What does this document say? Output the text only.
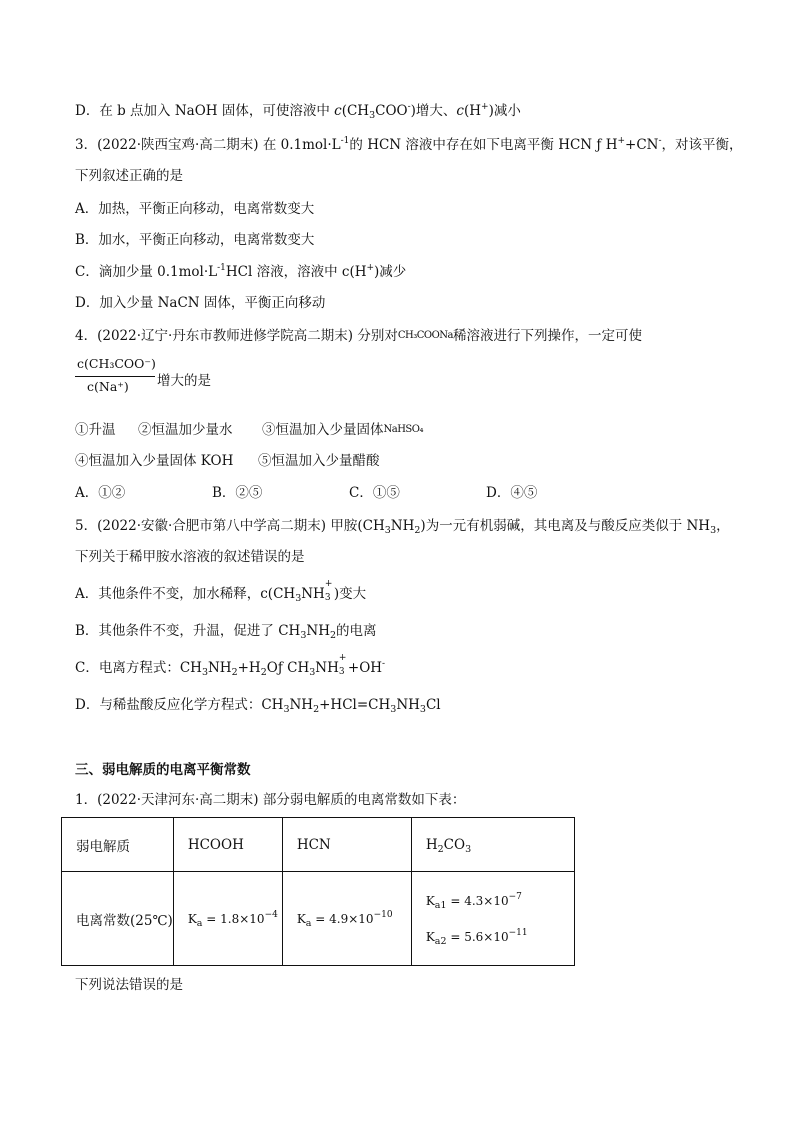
D．在 b 点加入 NaOH 固体，可使溶液中 $c(CH_3COO^-)$增大、c(H+)减小
3．(2022·陕西宝鸡·高二期末) 在 $0.1mol\cdot L^{-1}$的 HCN 溶液中存在如下电离平衡 HCN ƒ H++CN-，对该平衡，
下列叙述正确的是
A．加热，平衡正向移动，电离常数变大
B．加水，平衡正向移动，电离常数变大
C．滴加少量 $0.1mol\cdot L^{-1}HCl$ 溶液，溶液中 c(H+)减少
D．加入少量 NaCN 固体，平衡正向移动
4．(2022·辽宁·丹东市教师进修学院高二期末) 分别对CH₃COONa稀溶液进行下列操作，一定可使
c(CH₃COO⁻)
c(Na⁺) 增大的是
①升温 ②恒温加少量水 ③恒温加入少量固体NaHSO₄
④恒温加入少量固体 KOH ⑤恒温加入少量醋酸
A．①②	B．②⑤	C．①⑤	D．④⑤
5．(2022·安徽·合肥市第八中学高二期末) 甲胺$(CH_3NH_2)$为一元有机弱碱，其电离及与酸反应类似于 $NH_3$，
下列关于稀甲胺水溶液的叙述错误的是
A．其他条件不变，加水稀释，$c(CH_3NH$
+
3 )变大
B．其他条件不变，升温，促进了 $CH_3NH_2$的电离
C．电离方程式：$CH_3NH_2+H_2Oƒ$ $CH_3NH$
+
3 +OH-
D．与稀盐酸反应化学方程式：$CH_3NH_2+HCl=CH_3NH_3Cl$
三、弱电解质的电离平衡常数
1．(2022·天津河东·高二期末) 部分弱电解质的电离常数如下表：
弱电解质	HCOOH	HCN	$H_2CO_3$
电离常数(25℃)	$K_a = 1.8\times 10^{-4}$	$K_a = 4.9\times 10^{-10}$	$K_{a1} = 4.3\times 10^{-7}$
$K_{a2} = 5.6\times 10^{-11}$
下列说法错误的是
